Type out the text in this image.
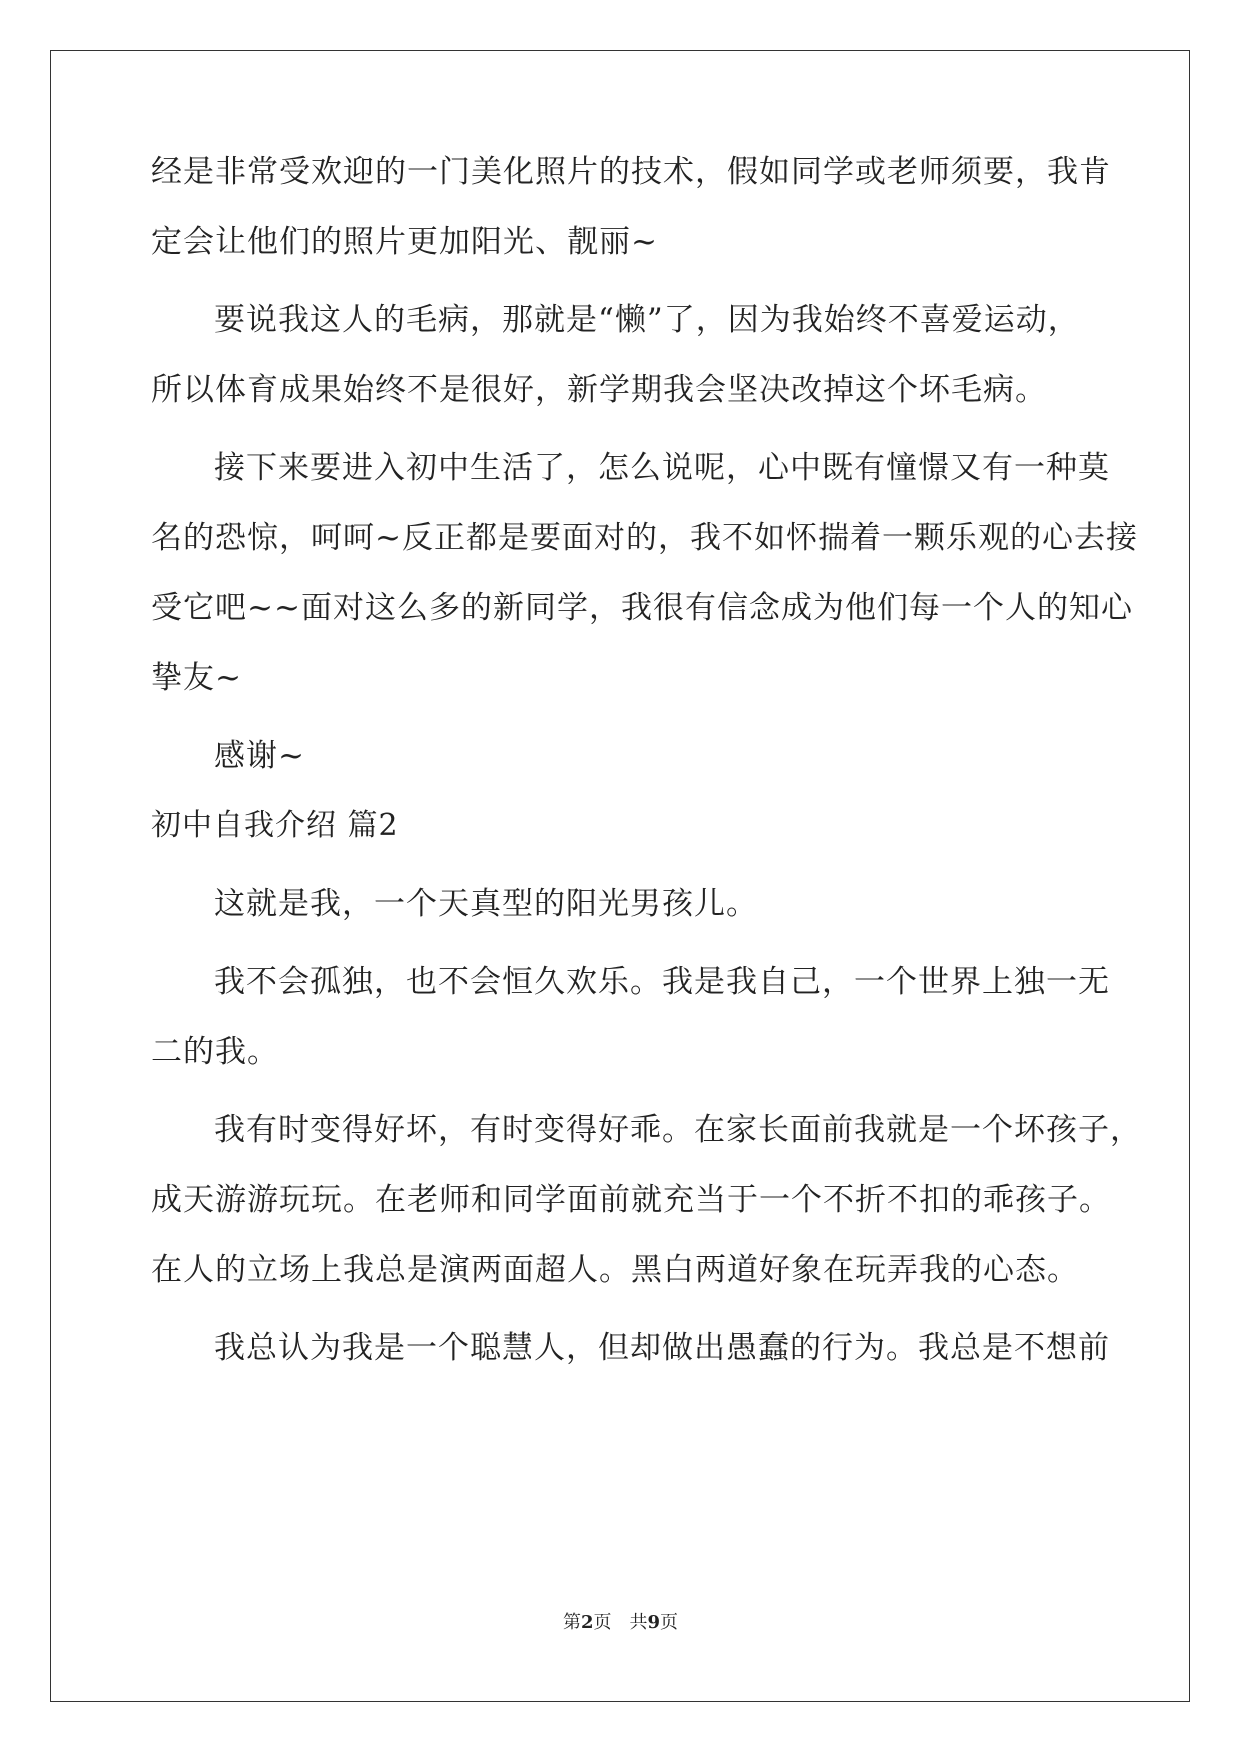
经是非常受欢迎的一门美化照片的技术，假如同学或老师须要，我肯
定会让他们的照片更加阳光、靓丽~
要说我这人的毛病，那就是“懒”了，因为我始终不喜爱运动，
所以体育成果始终不是很好，新学期我会坚决改掉这个坏毛病。
接下来要进入初中生活了，怎么说呢，心中既有憧憬又有一种莫
名的恐惊，呵呵~反正都是要面对的，我不如怀揣着一颗乐观的心去接
受它吧~~面对这么多的新同学，我很有信念成为他们每一个人的知心
挚友~
感谢~
初中自我介绍 篇2
这就是我，一个天真型的阳光男孩儿。
我不会孤独，也不会恒久欢乐。我是我自己，一个世界上独一无
二的我。
我有时变得好坏，有时变得好乖。在家长面前我就是一个坏孩子，
成天游游玩玩。在老师和同学面前就充当于一个不折不扣的乖孩子。
在人的立场上我总是演两面超人。黑白两道好象在玩弄我的心态。
我总认为我是一个聪慧人，但却做出愚蠢的行为。我总是不想前
第2页 共9页
